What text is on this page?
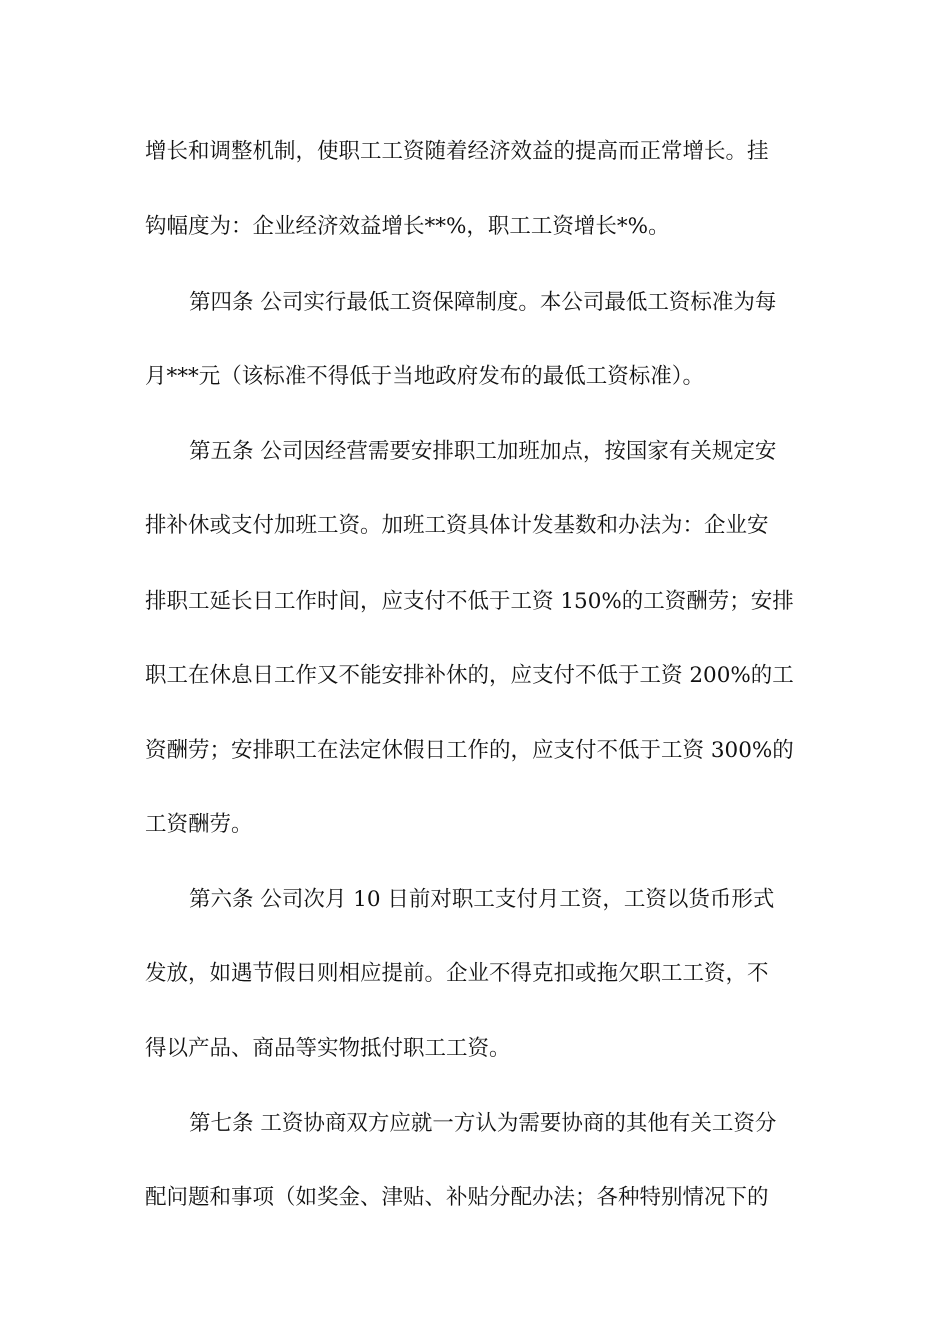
增长和调整机制，使职工工资随着经济效益的提高而正常增长。挂
钩幅度为：企业经济效益增长**%，职工工资增长*%。
第四条 公司实行最低工资保障制度。本公司最低工资标准为每
月***元（该标准不得低于当地政府发布的最低工资标准）。
第五条 公司因经营需要安排职工加班加点，按国家有关规定安
排补休或支付加班工资。加班工资具体计发基数和办法为：企业安
排职工延长日工作时间，应支付不低于工资 150%的工资酬劳；安排
职工在休息日工作又不能安排补休的，应支付不低于工资 200%的工
资酬劳；安排职工在法定休假日工作的，应支付不低于工资 300%的
工资酬劳。
第六条 公司次月 10 日前对职工支付月工资，工资以货币形式
发放，如遇节假日则相应提前。企业不得克扣或拖欠职工工资，不
得以产品、商品等实物抵付职工工资。
第七条 工资协商双方应就一方认为需要协商的其他有关工资分
配问题和事项（如奖金、津贴、补贴分配办法；各种特别情况下的
